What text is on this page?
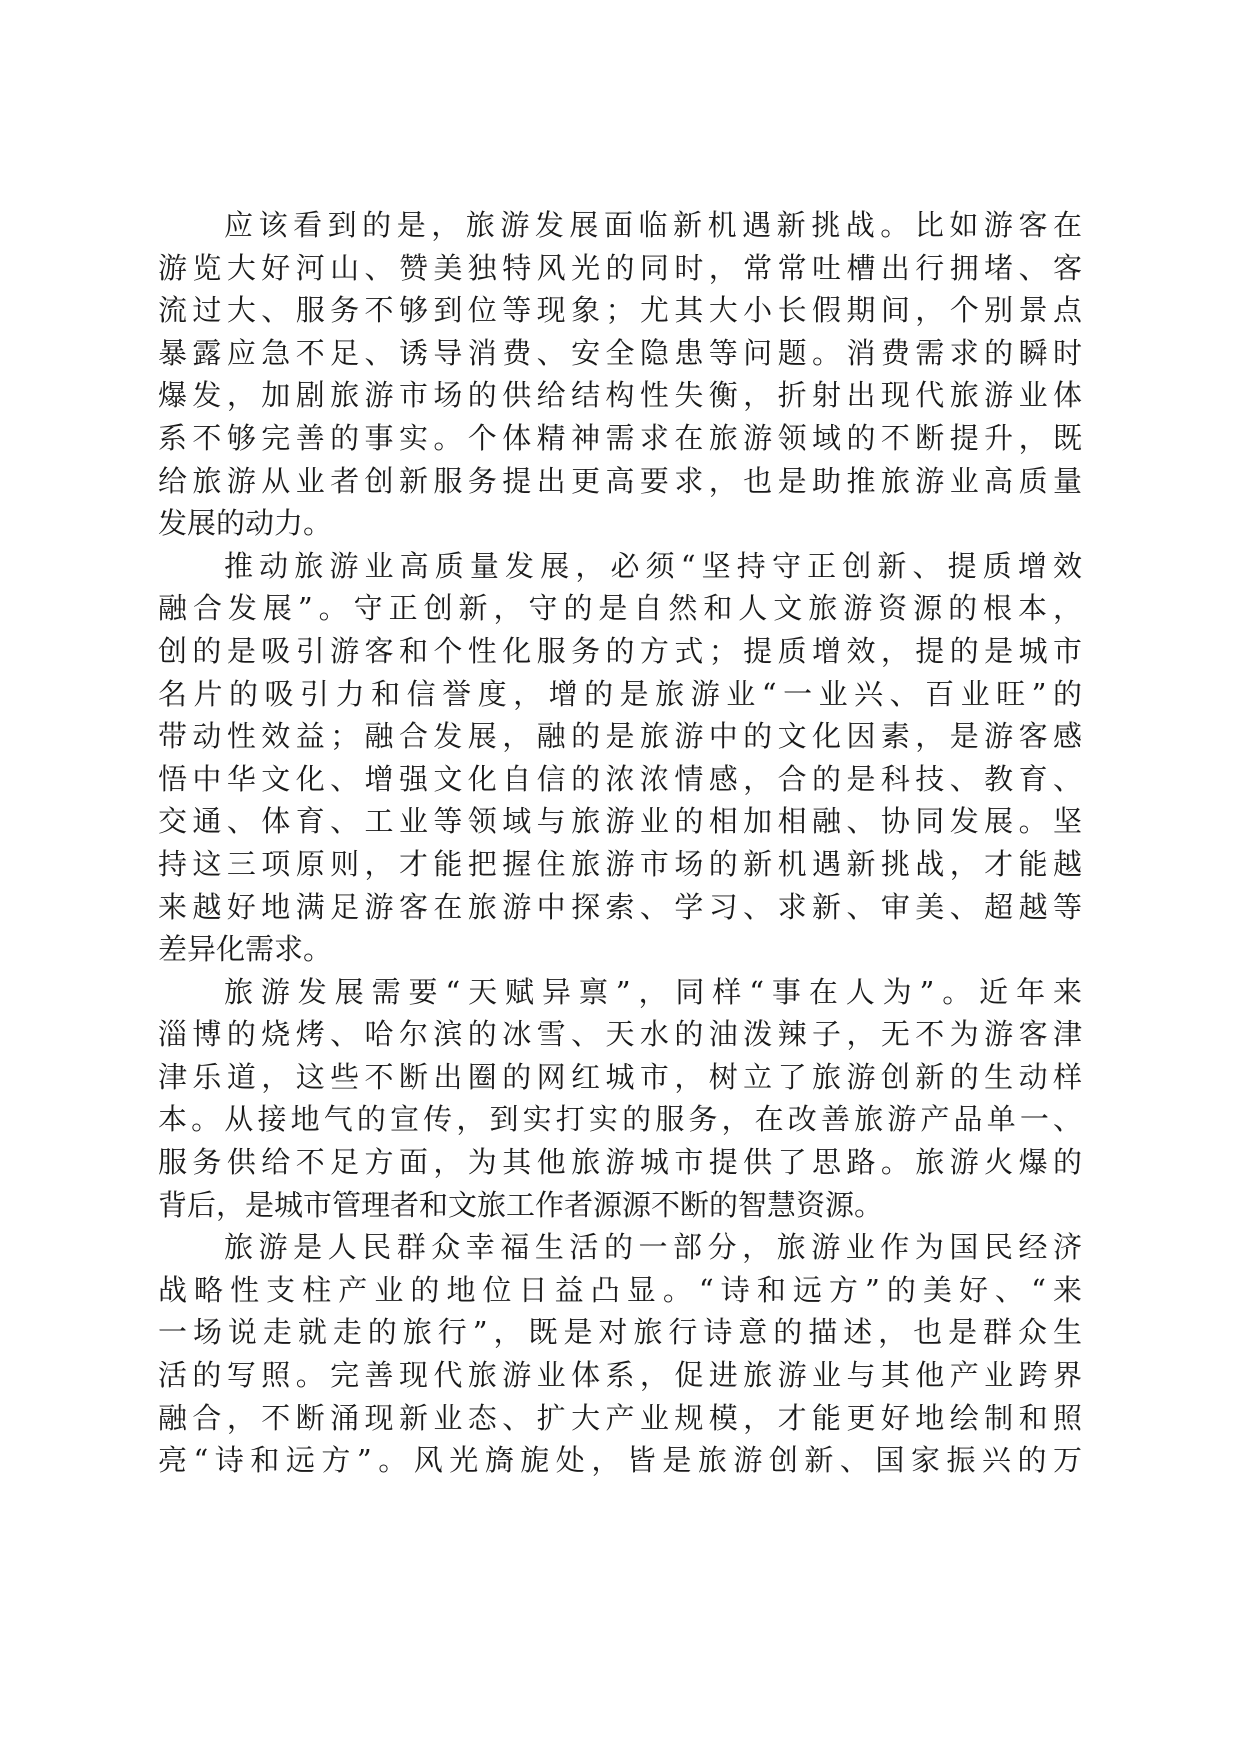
应该看到的是，旅游发展面临新机遇新挑战。比如游客在
游览大好河山、赞美独特风光的同时，常常吐槽出行拥堵、客
流过大、服务不够到位等现象；尤其大小长假期间，个别景点
暴露应急不足、诱导消费、安全隐患等问题。消费需求的瞬时
爆发，加剧旅游市场的供给结构性失衡，折射出现代旅游业体
系不够完善的事实。个体精神需求在旅游领域的不断提升，既
给旅游从业者创新服务提出更高要求，也是助推旅游业高质量
发展的动力。
推动旅游业高质量发展，必须“坚持守正创新、提质增效
融合发展”。守正创新，守的是自然和人文旅游资源的根本，
创的是吸引游客和个性化服务的方式；提质增效，提的是城市
名片的吸引力和信誉度，增的是旅游业“一业兴、百业旺”的
带动性效益；融合发展，融的是旅游中的文化因素，是游客感
悟中华文化、增强文化自信的浓浓情感，合的是科技、教育、
交通、体育、工业等领域与旅游业的相加相融、协同发展。坚
持这三项原则，才能把握住旅游市场的新机遇新挑战，才能越
来越好地满足游客在旅游中探索、学习、求新、审美、超越等
差异化需求。
旅游发展需要“天赋异禀”，同样“事在人为”。近年来
淄博的烧烤、哈尔滨的冰雪、天水的油泼辣子，无不为游客津
津乐道，这些不断出圈的网红城市，树立了旅游创新的生动样
本。从接地气的宣传，到实打实的服务，在改善旅游产品单一、
服务供给不足方面，为其他旅游城市提供了思路。旅游火爆的
背后，是城市管理者和文旅工作者源源不断的智慧资源。
旅游是人民群众幸福生活的一部分，旅游业作为国民经济
战略性支柱产业的地位日益凸显。“诗和远方”的美好、“来
一场说走就走的旅行”，既是对旅行诗意的描述，也是群众生
活的写照。完善现代旅游业体系，促进旅游业与其他产业跨界
融合，不断涌现新业态、扩大产业规模，才能更好地绘制和照
亮“诗和远方”。风光旖旎处，皆是旅游创新、国家振兴的万
